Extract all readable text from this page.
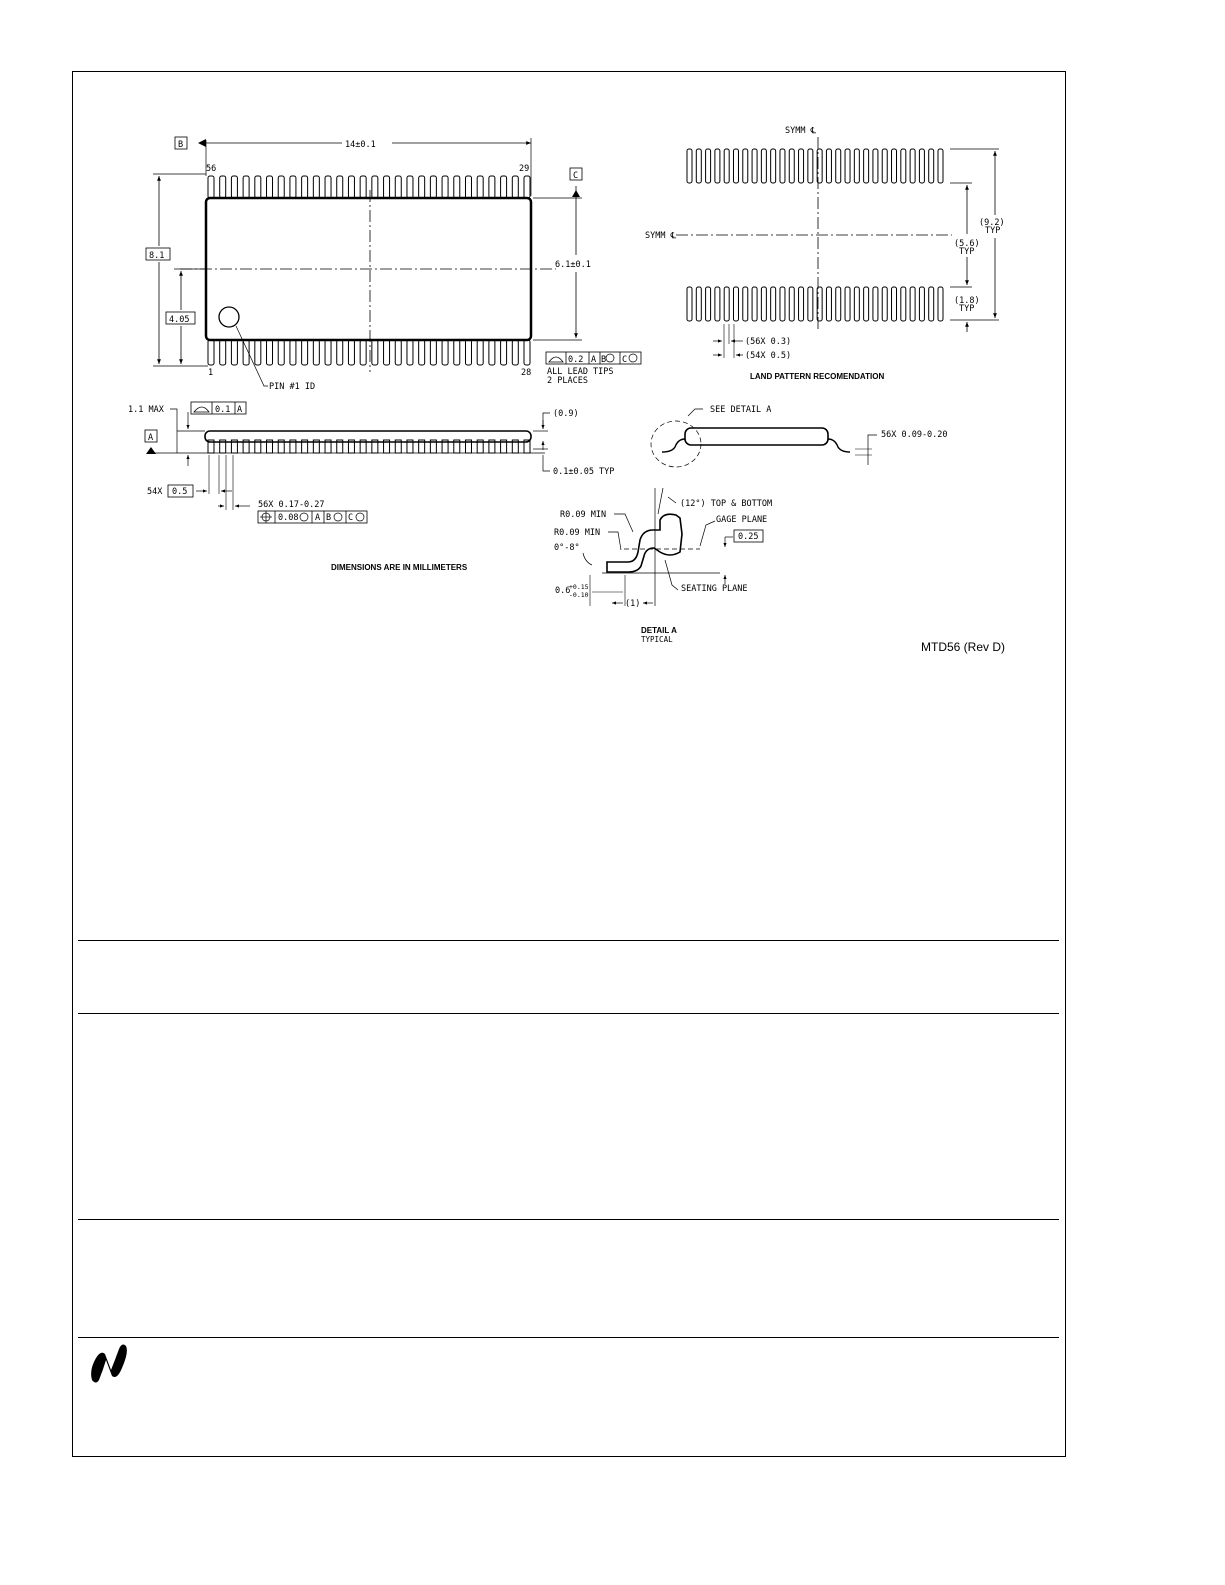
B
C
14±0.1
8.1
4.05
6.1±0.1
56	29
1	28
PIN #1 ID
0.2 A B C
ALL LEAD TIPS
2 PLACES
SYMM ℄
SYMM ℄
(9.2)
TYP
(5.6)
TYP
(1.8)
TYP
(56X 0.3)
(54X 0.5)
LAND PATTERN RECOMENDATION
1.1 MAX	0.1 A
A
(0.9)
0.1±0.05 TYP
54X 0.5
56X 0.17-0.27
0.08 A B C
DIMENSIONS ARE IN MILLIMETERS
SEE DETAIL A
56X 0.09-0.20
(12°) TOP & BOTTOM
GAGE PLANE
0.25
R0.09 MIN
R0.09 MIN
0°-8°
0.6
+0.15
-0.10
(1)
SEATING PLANE
TYPICAL
DETAIL A
MTD56 (Rev D)
